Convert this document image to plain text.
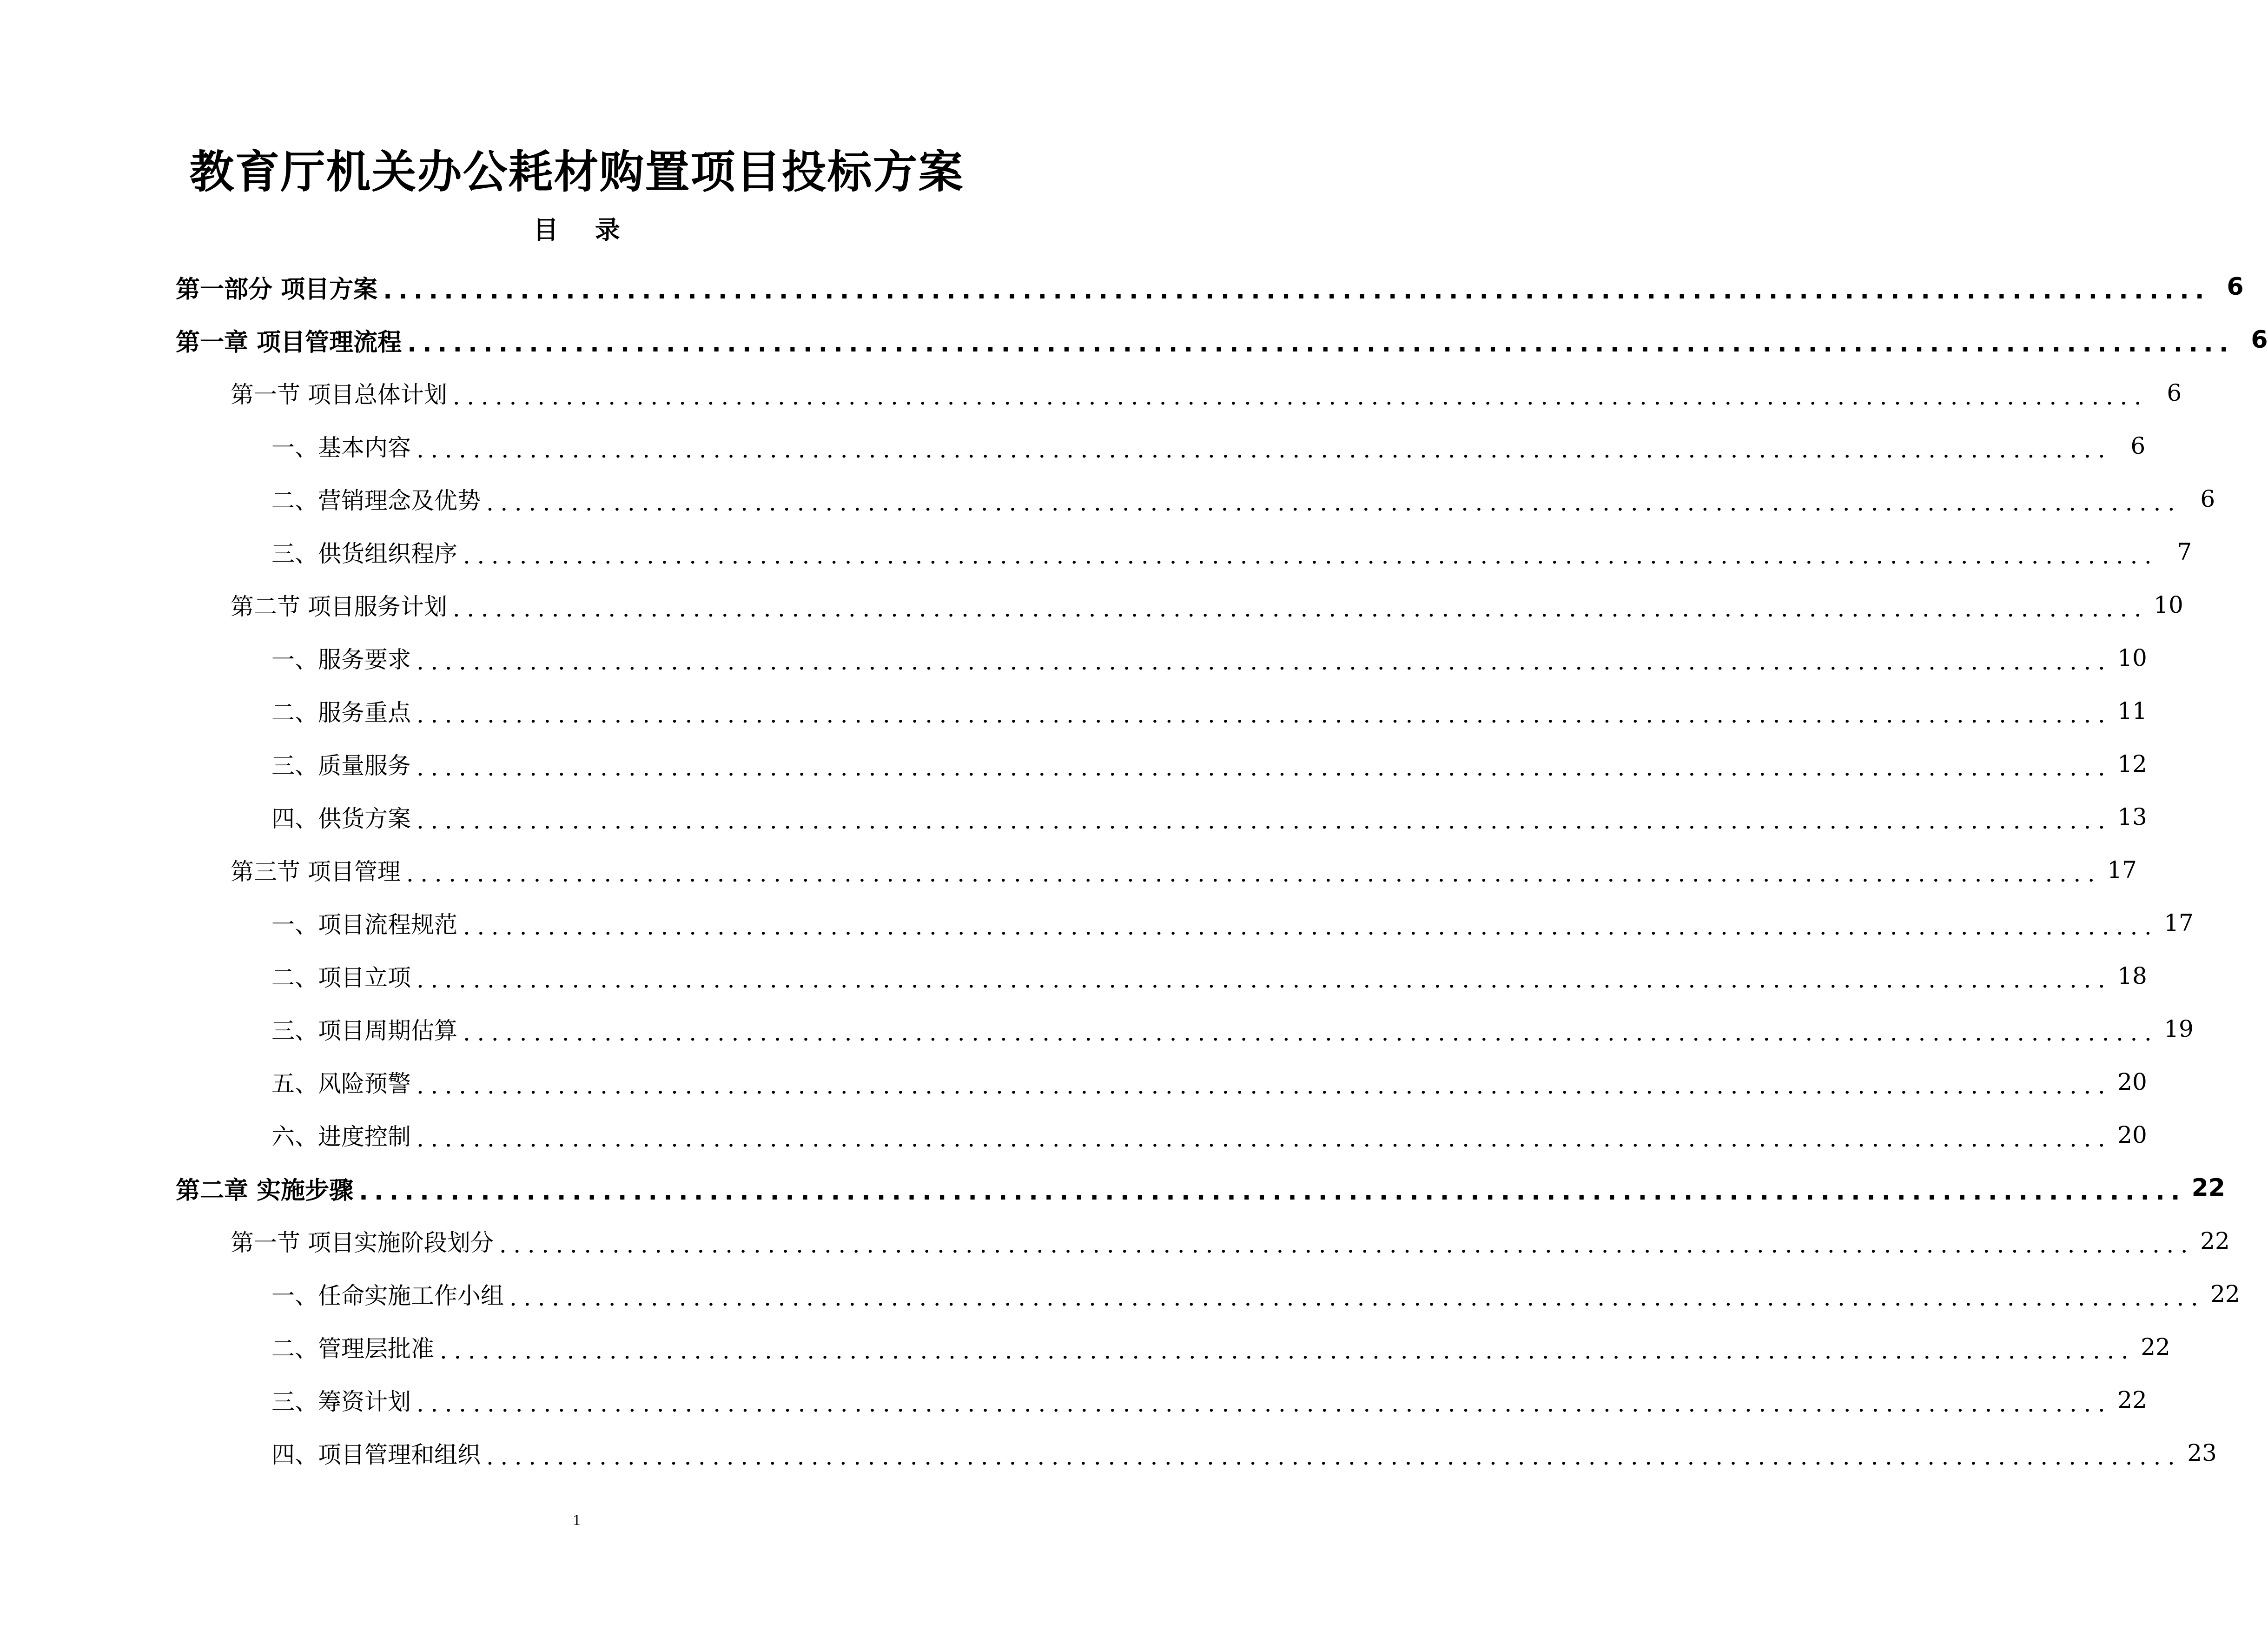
教育厅机关办公耗材购置项目投标方案
目 录
第一部分 项目方案 ........................................................................................................................ 6
第一章 项目管理流程 ........................................................................................................................ 6
第一节 项目总体计划 ........................................................................................................................ 6
一、基本内容 ........................................................................................................................ 6
二、营销理念及优势 ........................................................................................................................ 6
三、供货组织程序 ........................................................................................................................ 7
第二节 项目服务计划 ........................................................................................................................ 10
一、服务要求 ........................................................................................................................ 10
二、服务重点 ........................................................................................................................ 11
三、质量服务 ........................................................................................................................ 12
四、供货方案 ........................................................................................................................ 13
第三节 项目管理 ........................................................................................................................ 17
一、项目流程规范 ........................................................................................................................ 17
二、项目立项 ........................................................................................................................ 18
三、项目周期估算 ........................................................................................................................ 19
五、风险预警 ........................................................................................................................ 20
六、进度控制 ........................................................................................................................ 20
第二章 实施步骤 ........................................................................................................................ 22
第一节 项目实施阶段划分 ........................................................................................................................ 22
一、任命实施工作小组 ........................................................................................................................ 22
二、管理层批准 ........................................................................................................................ 22
三、筹资计划 ........................................................................................................................ 22
四、项目管理和组织 ........................................................................................................................ 23
1
